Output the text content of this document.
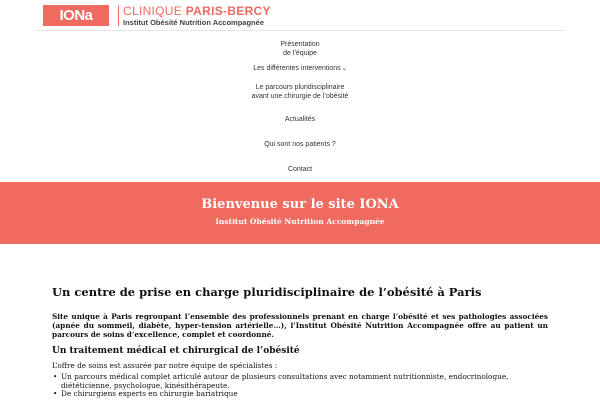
IONa	CLINIQUE PARIS-BERCY
Institut Obésité Nutrition Accompagnée
Présentation
de l’équipe
Les différentes interventions⌄
Le parcours pluridisciplinaire
avant une chirurgie de l’obésité
Actualités
Qui sont nos patients ?
Contact
Bienvenue sur le site IONA
Institut Obésité Nutrition Accompagnée
Un centre de prise en charge pluridisciplinaire de l’obésité à Paris

Site unique à Paris regroupant l’ensemble des professionnels prenant en charge l’obésité et ses pathologies associées (apnée du sommeil, diabète, hyper-tension artérielle…), l’Institut Obésité Nutrition Accompagnée offre au patient un parcours de soins d’excellence, complet et coordonné.

Un traitement médical et chirurgical de l’obésité

L’offre de soins est assurée par notre équipe de spécialistes :

• Un parcours médical complet articulé autour de plusieurs consultations avec notamment nutritionniste, endocrinologue, diététicienne, psychologue, kinésithérapeute.
• De chirurgiens experts en chirurgie bariatrique
